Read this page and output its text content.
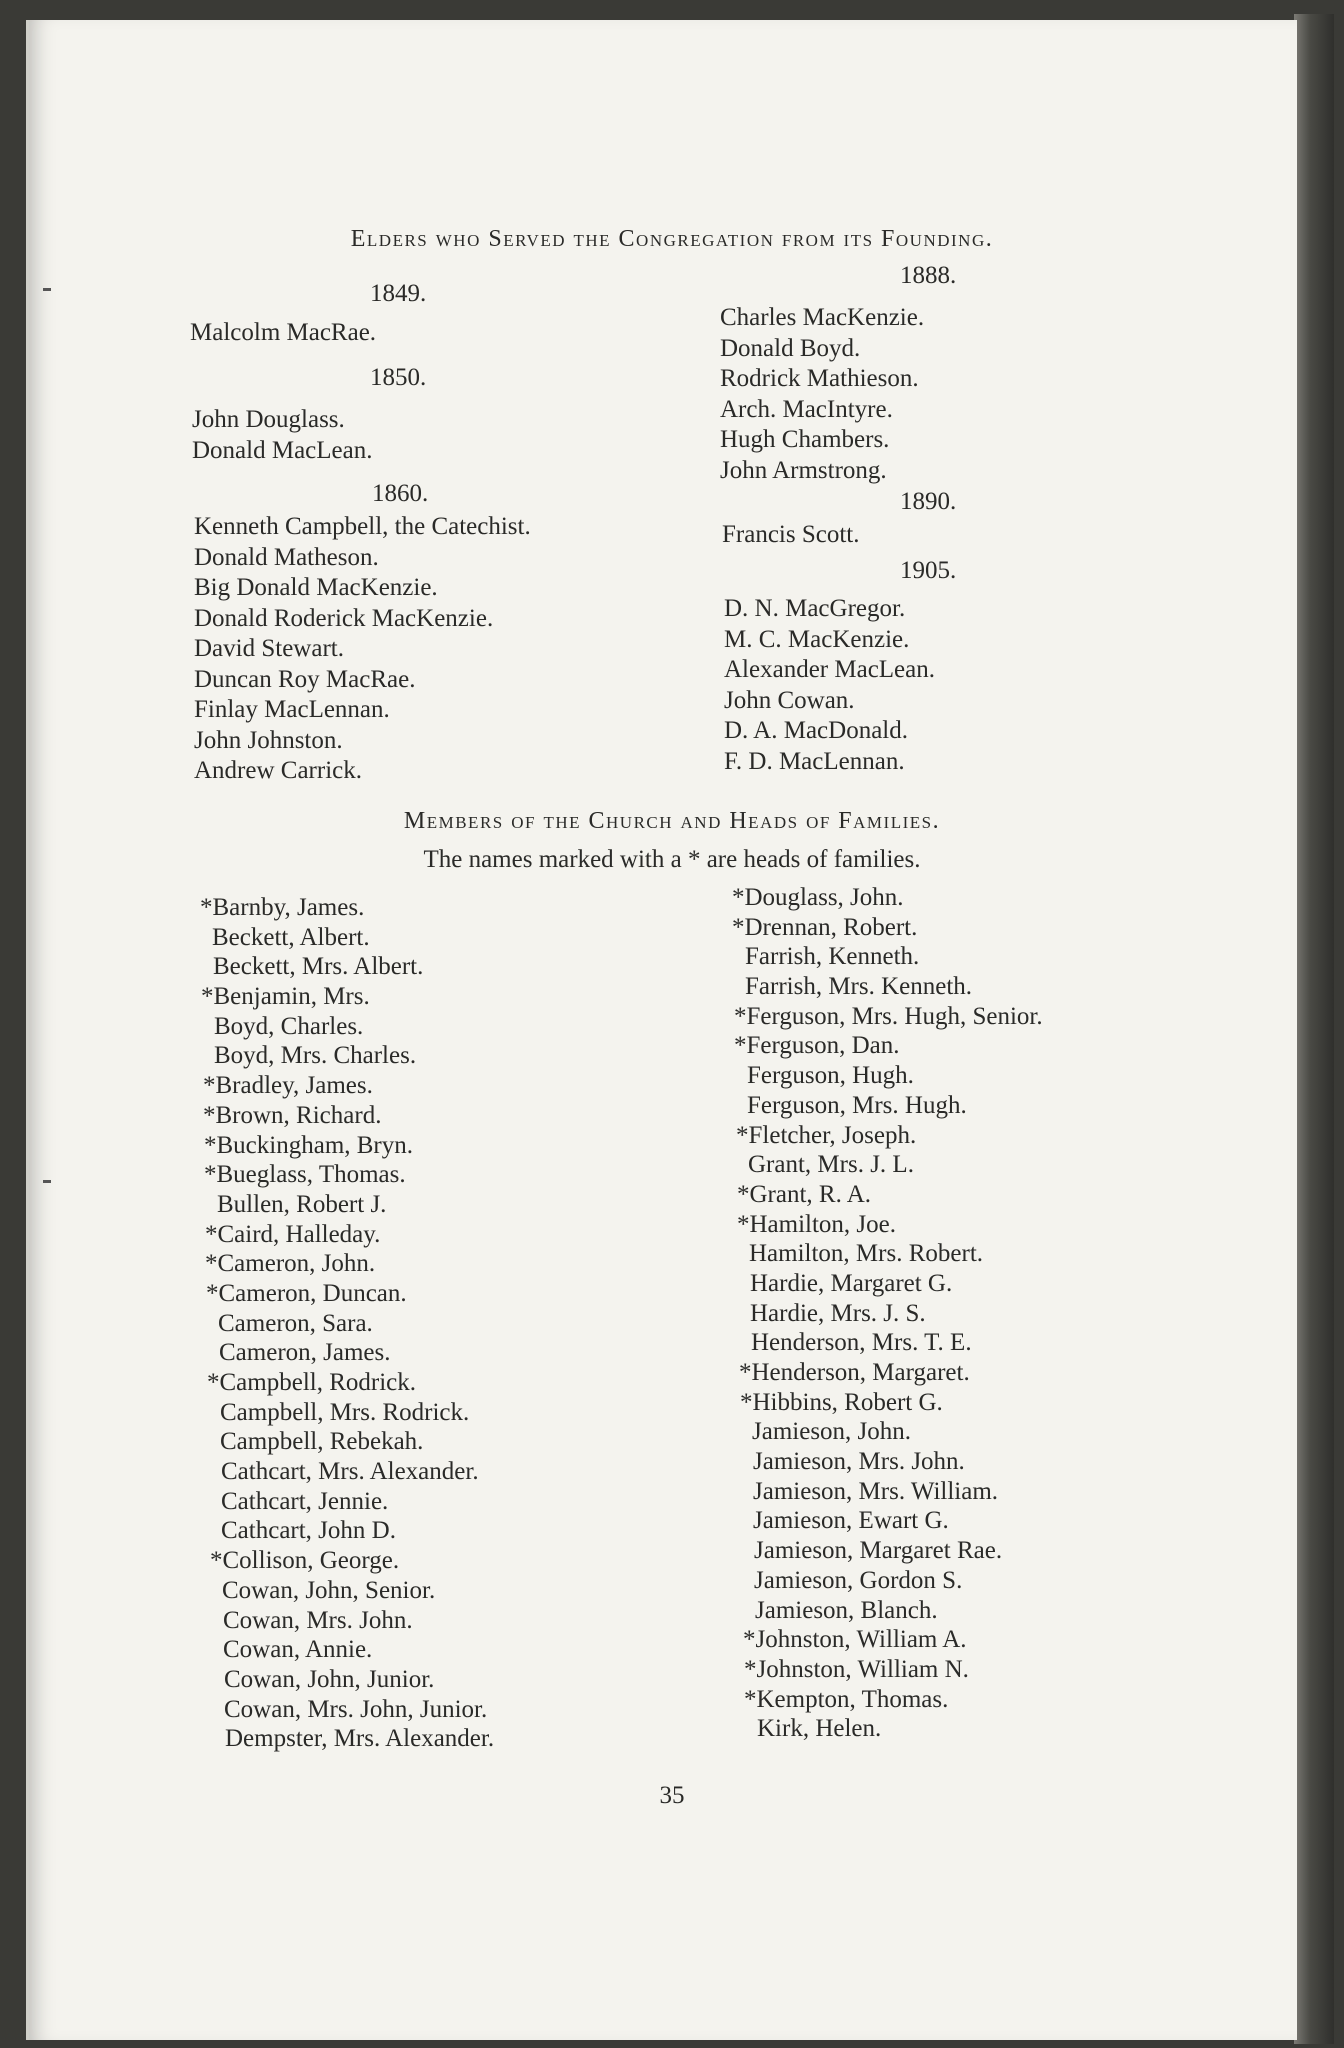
Elders who Served the Congregation from its Founding.
1849.
Malcolm MacRae.
1850.
John Douglass.
Donald MacLean.
1860.
Kenneth Campbell, the Catechist.
Donald Matheson.
Big Donald MacKenzie.
Donald Roderick MacKenzie.
David Stewart.
Duncan Roy MacRae.
Finlay MacLennan.
John Johnston.
Andrew Carrick.
1888.
Charles MacKenzie.
Donald Boyd.
Rodrick Mathieson.
Arch. MacIntyre.
Hugh Chambers.
John Armstrong.
1890.
Francis Scott.
1905.
D. N. MacGregor.
M. C. MacKenzie.
Alexander MacLean.
John Cowan.
D. A. MacDonald.
F. D. MacLennan.
Members of the Church and Heads of Families.
The names marked with a * are heads of families.
*Barnby, James.
Beckett, Albert.
Beckett, Mrs. Albert.
*Benjamin, Mrs.
Boyd, Charles.
Boyd, Mrs. Charles.
*Bradley, James.
*Brown, Richard.
*Buckingham, Bryn.
*Bueglass, Thomas.
Bullen, Robert J.
*Caird, Halleday.
*Cameron, John.
*Cameron, Duncan.
Cameron, Sara.
Cameron, James.
*Campbell, Rodrick.
Campbell, Mrs. Rodrick.
Campbell, Rebekah.
Cathcart, Mrs. Alexander.
Cathcart, Jennie.
Cathcart, John D.
*Collison, George.
Cowan, John, Senior.
Cowan, Mrs. John.
Cowan, Annie.
Cowan, John, Junior.
Cowan, Mrs. John, Junior.
Dempster, Mrs. Alexander.
*Douglass, John.
*Drennan, Robert.
Farrish, Kenneth.
Farrish, Mrs. Kenneth.
*Ferguson, Mrs. Hugh, Senior.
*Ferguson, Dan.
Ferguson, Hugh.
Ferguson, Mrs. Hugh.
*Fletcher, Joseph.
Grant, Mrs. J. L.
*Grant, R. A.
*Hamilton, Joe.
Hamilton, Mrs. Robert.
Hardie, Margaret G.
Hardie, Mrs. J. S.
Henderson, Mrs. T. E.
*Henderson, Margaret.
*Hibbins, Robert G.
Jamieson, John.
Jamieson, Mrs. John.
Jamieson, Mrs. William.
Jamieson, Ewart G.
Jamieson, Margaret Rae.
Jamieson, Gordon S.
Jamieson, Blanch.
*Johnston, William A.
*Johnston, William N.
*Kempton, Thomas.
Kirk, Helen.
35
